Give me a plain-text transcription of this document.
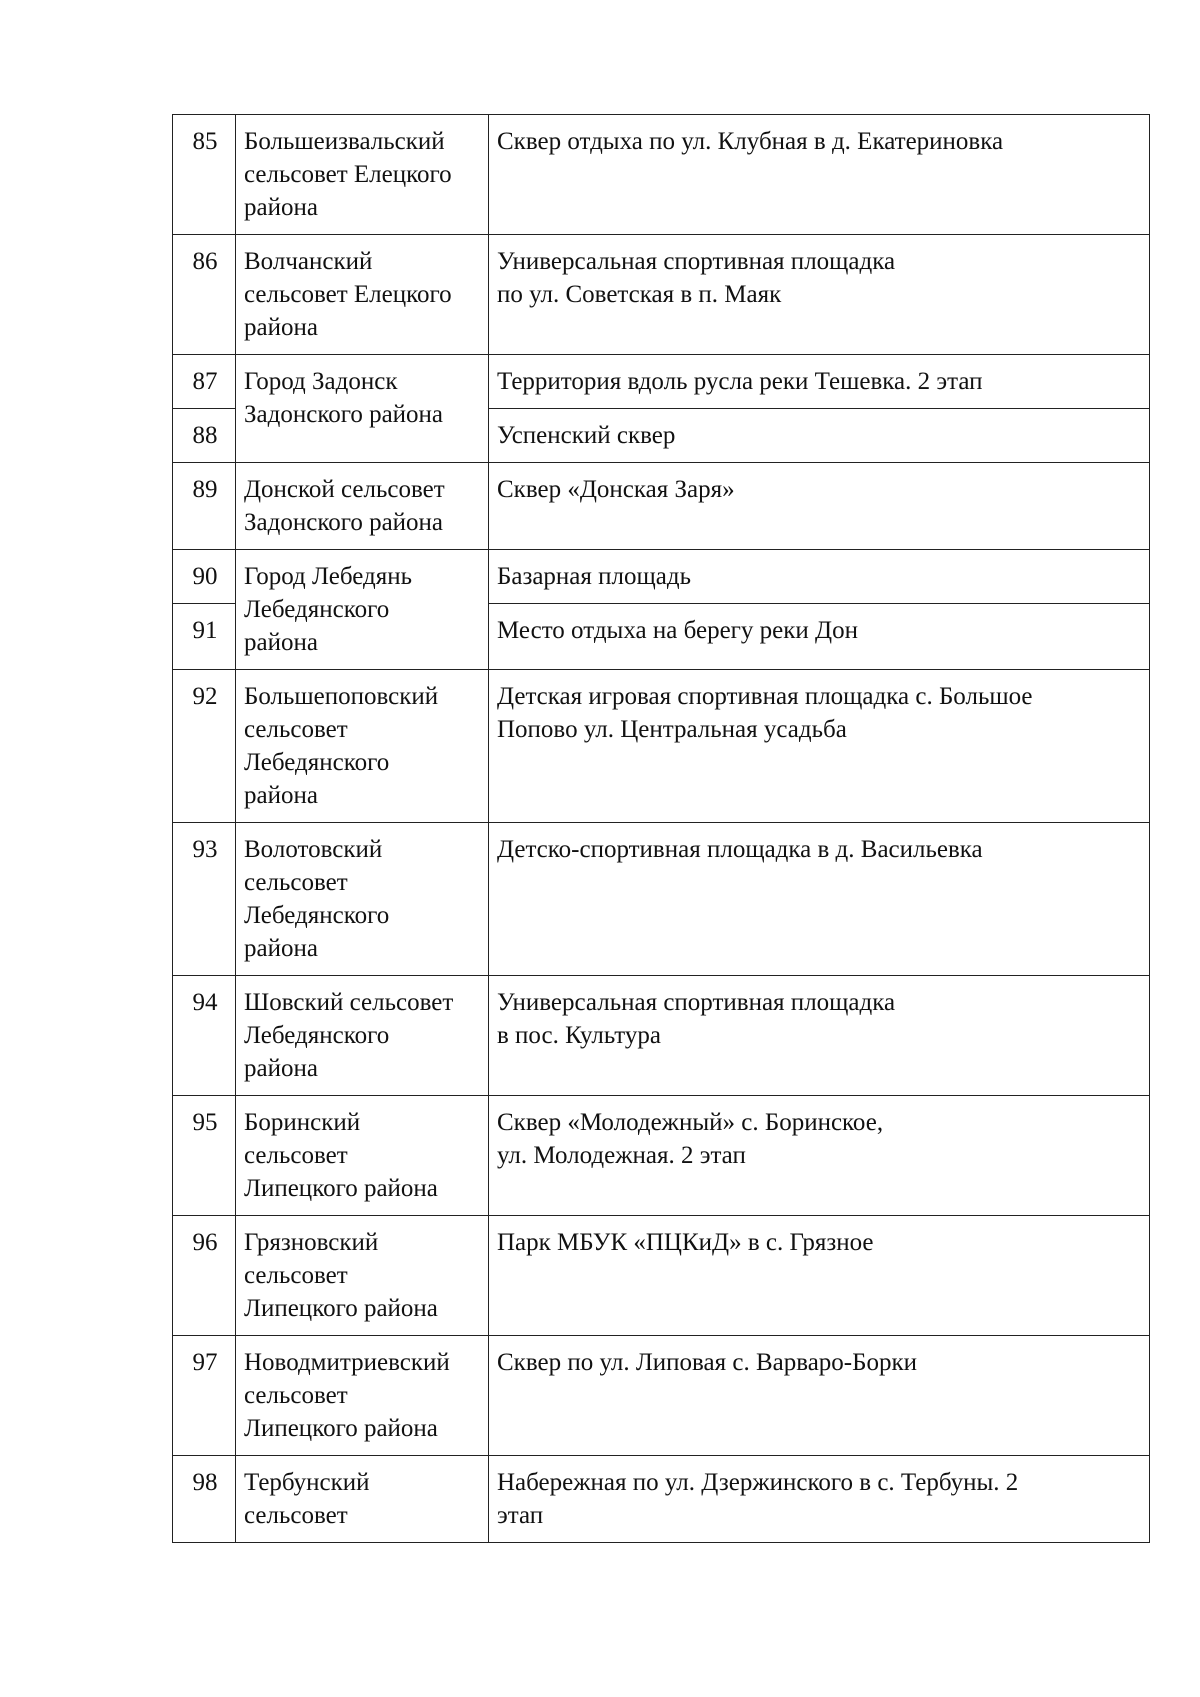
85	Большеизвальский
сельсовет Елецкого
района	Сквер отдыха по ул. Клубная в д. Екатериновка

86	Волчанский
сельсовет Елецкого
района	Универсальная спортивная площадка
по ул. Советская в п. Маяк

87	Город Задонск
Задонского района	Территория вдоль русла реки Тешевка. 2 этап

88		Успенский сквер

89	Донской сельсовет
Задонского района	Сквер «Донская Заря»

90	Город Лебедянь
Лебедянского
района	Базарная площадь

91		Место отдыха на берегу реки Дон

92	Большепоповский
сельсовет
Лебедянского
района	Детская игровая спортивная площадка с. Большое
Попово ул. Центральная усадьба

93	Волотовский
сельсовет
Лебедянского
района	Детско-спортивная площадка в д. Васильевка

94	Шовский сельсовет
Лебедянского
района	Универсальная спортивная площадка
в пос. Культура

95	Боринский
сельсовет
Липецкого района	Сквер «Молодежный» с. Боринское,
ул. Молодежная. 2 этап

96	Грязновский
сельсовет
Липецкого района	Парк МБУК «ПЦКиД» в с. Грязное

97	Новодмитриевский
сельсовет
Липецкого района	Сквер по ул. Липовая с. Варваро-Борки

98	Тербунский
сельсовет	Набережная по ул. Дзержинского в с. Тербуны. 2
этап
